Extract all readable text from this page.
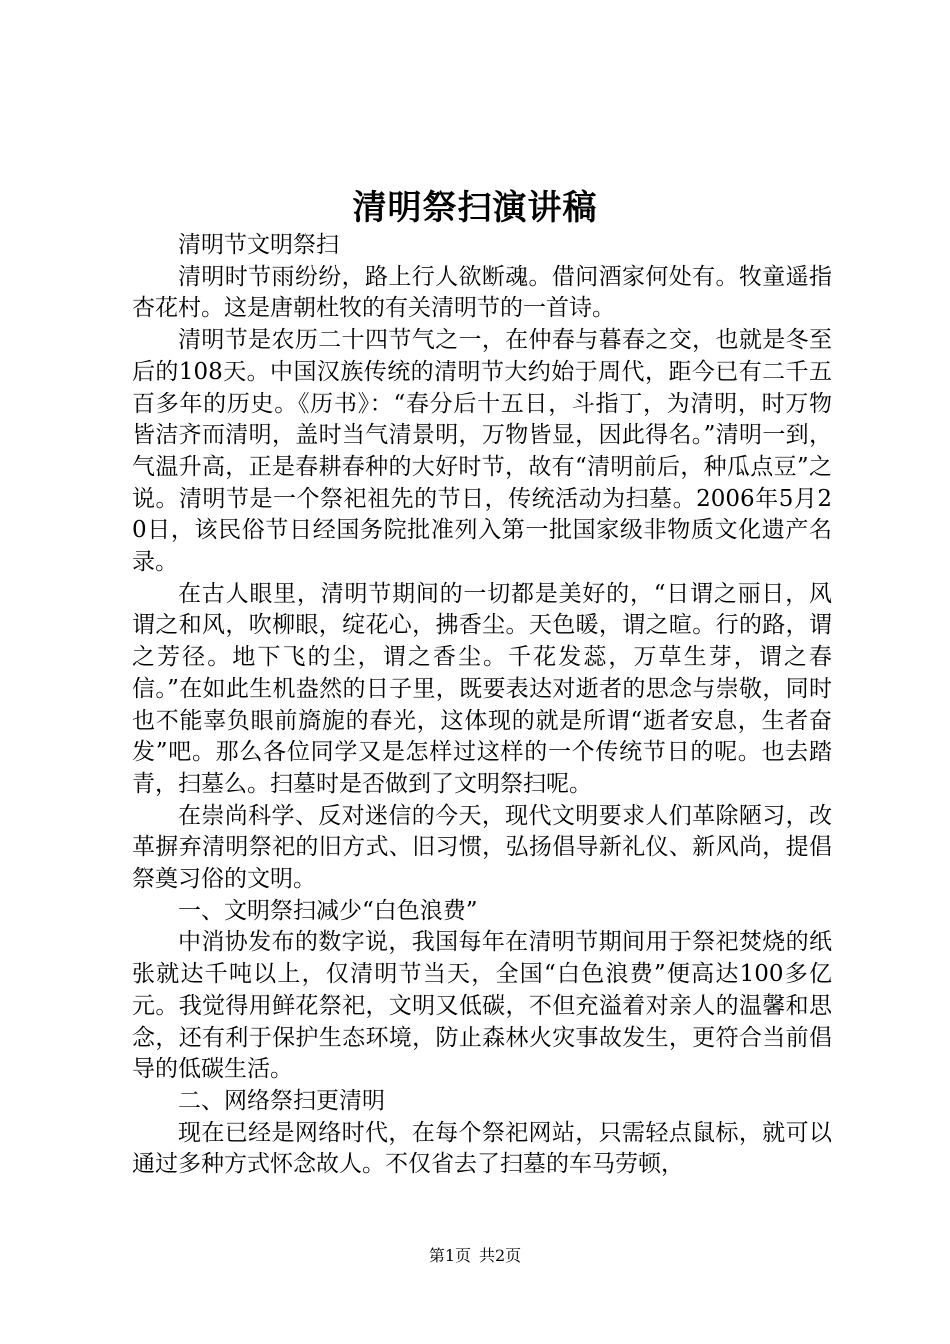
清明祭扫演讲稿

清明节文明祭扫

清明时节雨纷纷，路上行人欲断魂。借问酒家何处有。牧童遥指杏花村。这是唐朝杜牧的有关清明节的一首诗。

清明节是农历二十四节气之一，在仲春与暮春之交，也就是冬至后的108天。中国汉族传统的清明节大约始于周代，距今已有二千五百多年的历史。《历书》：“春分后十五日，斗指丁，为清明，时万物皆洁齐而清明，盖时当气清景明，万物皆显，因此得名。”清明一到，气温升高，正是春耕春种的大好时节，故有“清明前后，种瓜点豆”之说。清明节是一个祭祀祖先的节日，传统活动为扫墓。2006年5月20日，该民俗节日经国务院批准列入第一批国家级非物质文化遗产名录。

在古人眼里，清明节期间的一切都是美好的，“日谓之丽日，风谓之和风，吹柳眼，绽花心，拂香尘。天色暖，谓之暄。行的路，谓之芳径。地下飞的尘，谓之香尘。千花发蕊，万草生芽，谓之春信。”在如此生机盎然的日子里，既要表达对逝者的思念与崇敬，同时也不能辜负眼前旖旎的春光，这体现的就是所谓“逝者安息，生者奋发”吧。那么各位同学又是怎样过这样的一个传统节日的呢。也去踏青，扫墓么。扫墓时是否做到了文明祭扫呢。

在崇尚科学、反对迷信的今天，现代文明要求人们革除陋习，改革摒弃清明祭祀的旧方式、旧习惯，弘扬倡导新礼仪、新风尚，提倡祭奠习俗的文明。

一、文明祭扫减少“白色浪费”

中消协发布的数字说，我国每年在清明节期间用于祭祀焚烧的纸张就达千吨以上，仅清明节当天，全国“白色浪费”便高达100多亿元。我觉得用鲜花祭祀，文明又低碳，不但充溢着对亲人的温馨和思念，还有利于保护生态环境，防止森林火灾事故发生，更符合当前倡导的低碳生活。

二、网络祭扫更清明

现在已经是网络时代，在每个祭祀网站，只需轻点鼠标，就可以通过多种方式怀念故人。不仅省去了扫墓的车马劳顿，

第1页 共2页
